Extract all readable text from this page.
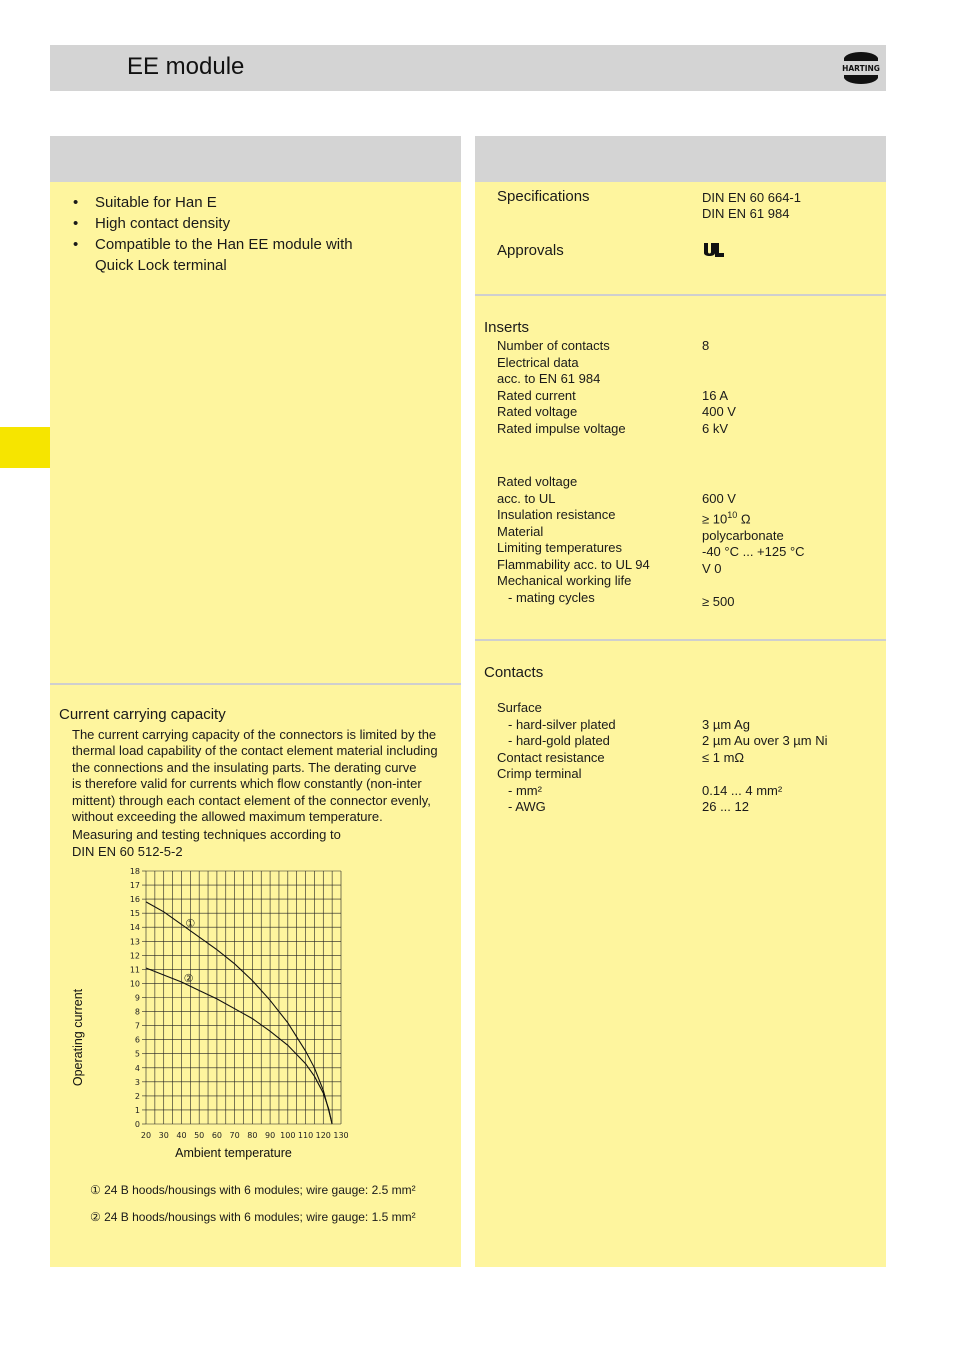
EE module	HARTING
• Suitable for Han E
• High contact density
• Compatible to the Han EE module with
Quick Lock terminal
Current carrying capacity

The current carrying capacity of the connectors is limited by the

thermal load capability of the contact element material including

the connections and the insulating parts. The derating curve

is therefore valid for currents which flow constantly (non-inter

mittent) through each contact element of the connector evenly,

without exceeding the allowed maximum temperature.

Measuring and testing techniques according to

DIN EN 60 512-5-2

20 30 40 50 60 70 80 90 100 110 120 130
0
1
2
3
4
5
6
7
8
9
10
11
12
13
14
15
16
17
18
Ambient temperature
Operating current
①
②
① 24 B hoods/housings with 6 modules; wire gauge: 2.5 mm²
② 24 B hoods/housings with 6 modules; wire gauge: 1.5 mm²
Specifications	DIN EN 60 664-1
DIN EN 61 984
Approvals
Inserts
Number of contacts
Electrical data
acc. to EN 61 984
Rated current
Rated voltage
Rated impulse voltage
8
16 A
400 V
6 kV
Rated voltage
acc. to UL
Insulation resistance
Material
Limiting temperatures
Flammability acc. to UL 94
Mechanical working life
- mating cycles
600 V
≥ $10^{10}$ Ω
polycarbonate
-40 °C ... +125 °C
V 0
≥ 500
Contacts
Surface
- hard-silver plated
- hard-gold plated
Contact resistance
Crimp terminal
- mm²
- AWG
3 µm Ag
2 µm Au over 3 µm Ni
≤ 1 mΩ
0.14 ... 4 mm²
26 ... 12
